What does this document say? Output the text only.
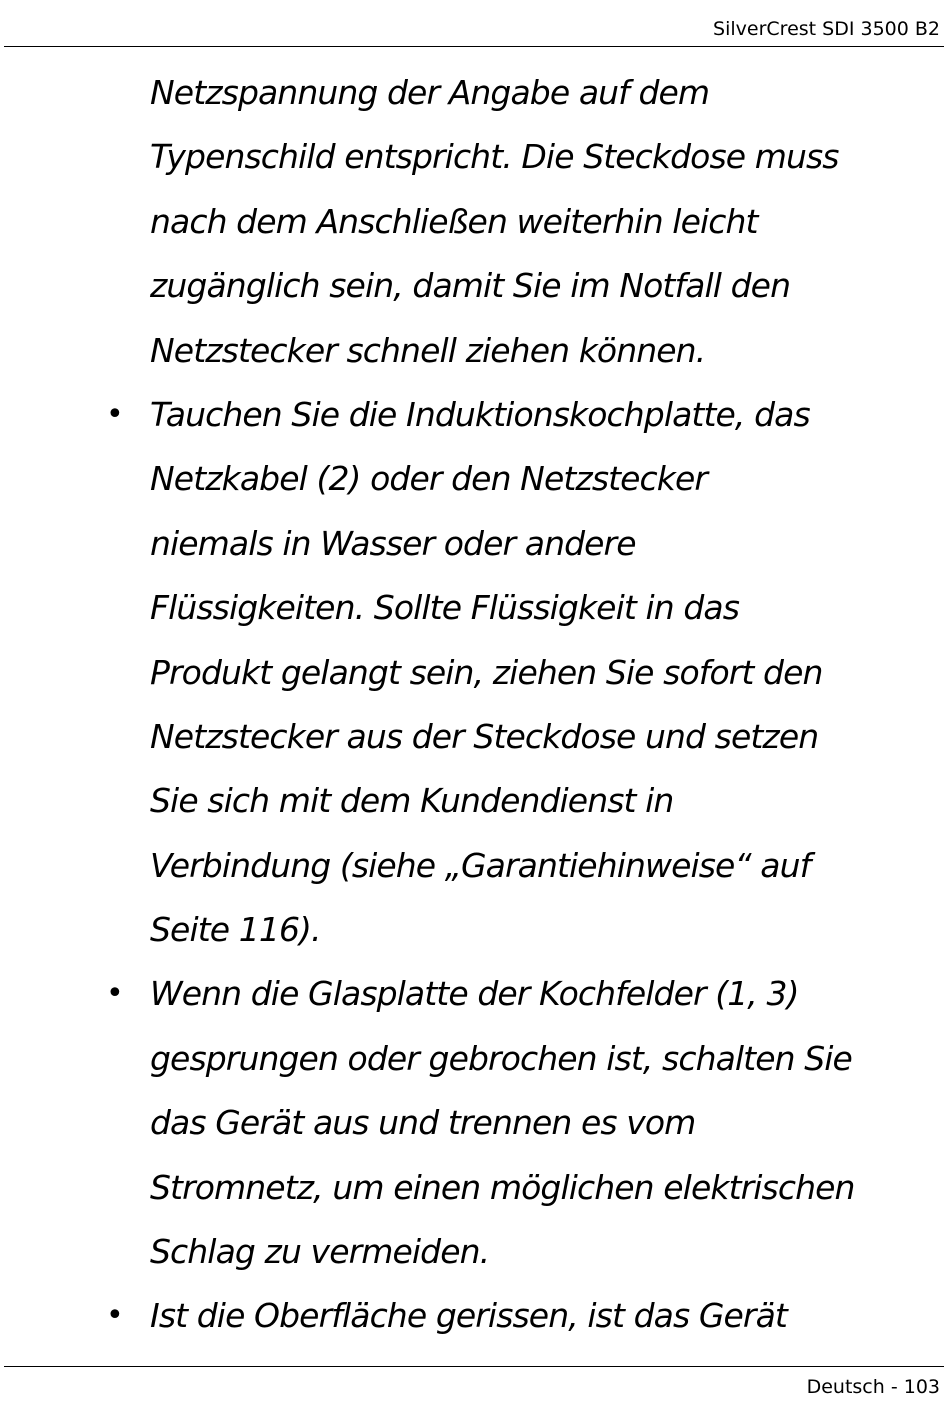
SilverCrest SDI 3500 B2
Netzspannung der Angabe auf dem
Typenschild entspricht. Die Steckdose muss
nach dem Anschließen weiterhin leicht
zugänglich sein, damit Sie im Notfall den
Netzstecker schnell ziehen können.
• Tauchen Sie die Induktionskochplatte, das
Netzkabel (2) oder den Netzstecker
niemals in Wasser oder andere
Flüssigkeiten. Sollte Flüssigkeit in das
Produkt gelangt sein, ziehen Sie sofort den
Netzstecker aus der Steckdose und setzen
Sie sich mit dem Kundendienst in
Verbindung (siehe „Garantiehinweise“ auf
Seite 116).
• Wenn die Glasplatte der Kochfelder (1, 3)
gesprungen oder gebrochen ist, schalten Sie
das Gerät aus und trennen es vom
Stromnetz, um einen möglichen elektrischen
Schlag zu vermeiden.
• Ist die Oberfläche gerissen, ist das Gerät
Deutsch - 103
